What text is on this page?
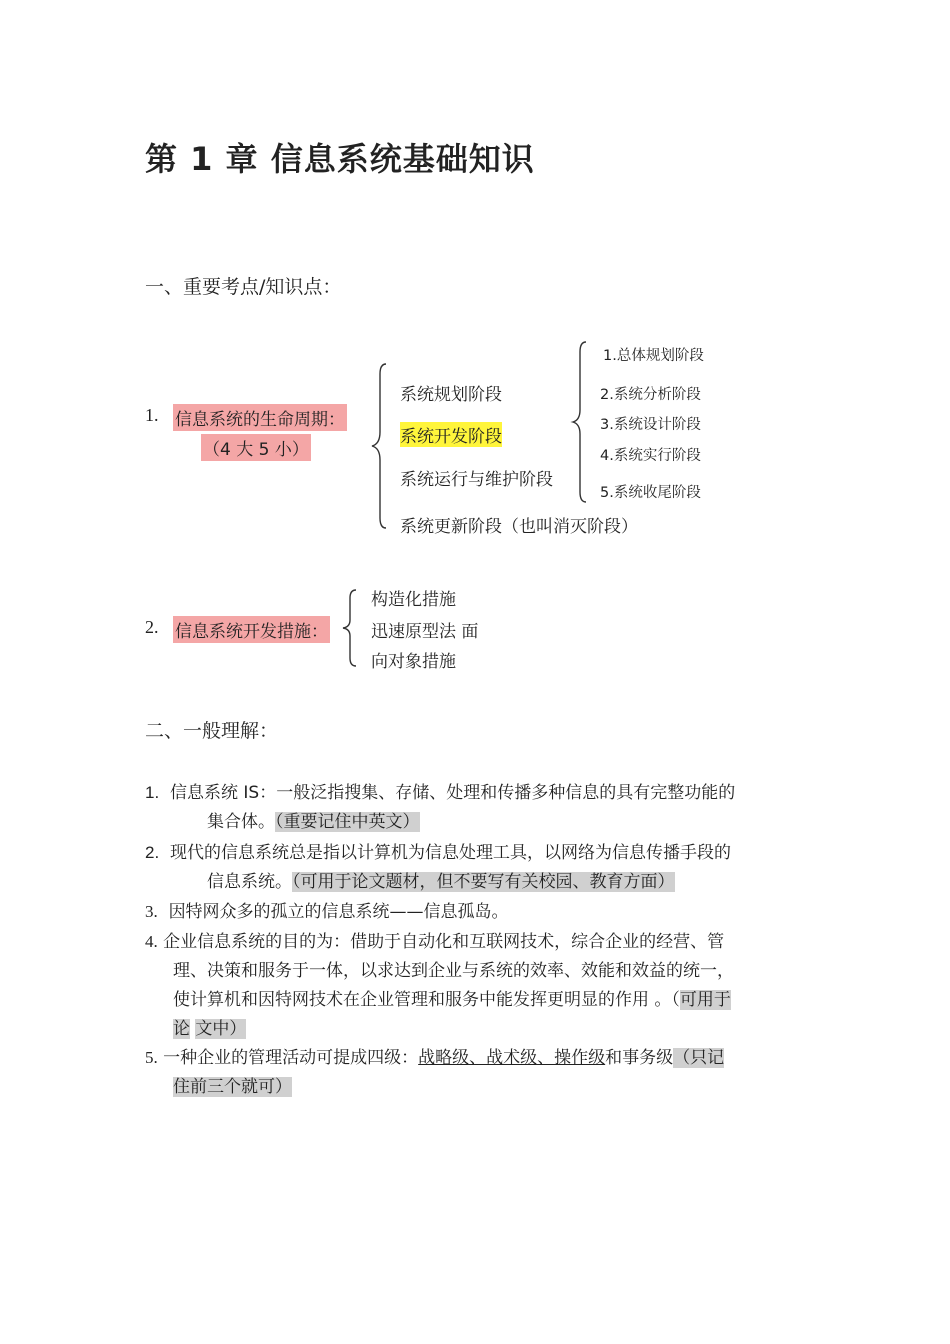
第 1 章 信息系统基础知识
一、重要考点/知识点：
1. 信息系统的生命周期：
（4 大 5 小）
系统规划阶段
系统开发阶段
系统运行与维护阶段
系统更新阶段（也叫消灭阶段）
1.总体规划阶段
2.系统分析阶段
3.系统设计阶段
4.系统实行阶段
5.系统收尾阶段
2. 信息系统开发措施：
构造化措施
迅速原型法 面
向对象措施
二、一般理解：
1. 信息系统 IS：一般泛指搜集、存储、处理和传播多种信息的具有完整功能的
集合体。（重要记住中英文）
2. 现代的信息系统总是指以计算机为信息处理工具，以网络为信息传播手段的
信息系统。（可用于论文题材，但不要写有关校园、教育方面）
3. 因特网众多的孤立的信息系统——信息孤岛。
4. 企业信息系统的目的为：借助于自动化和互联网技术，综合企业的经营、管
理、决策和服务于一体，以求达到企业与系统的效率、效能和效益的统一，
使计算机和因特网技术在企业管理和服务中能发挥更明显的作用 。（可用于
论 文中）
5. 一种企业的管理活动可提成四级：战略级、战术级、操作级和事务级（只记
住前三个就可）
